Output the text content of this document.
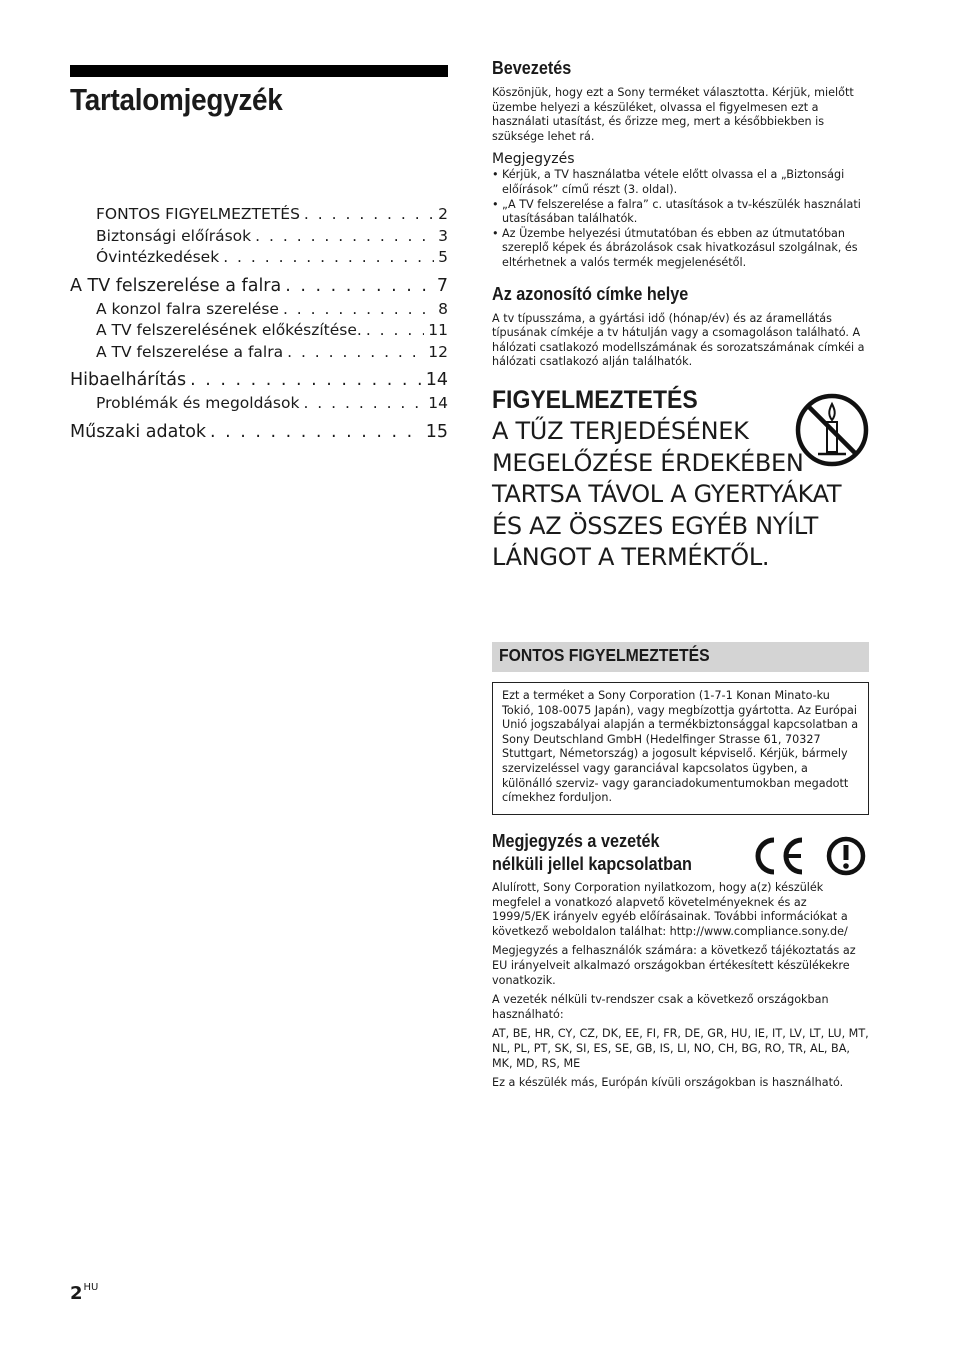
Tartalomjegyzék
FONTOS FIGYELMEZTETÉS . . .	2
Biztonsági előírások . . .	3
Óvintézkedések . . .	5
A TV felszerelése a falra . . .	7
A konzol falra szerelése . . .	8
A TV felszerelésének előkészítése. . . .	11
A TV felszerelése a falra . . .	12
Hibaelhárítás . . .	14
Problémák és megoldások . . .	14
Műszaki adatok . . .	15
Bevezetés

Köszönjük, hogy ezt a Sony terméket választotta. Kérjük, mielőtt üzembe helyezi a készüléket, olvassa el figyelmesen ezt a használati utasítást, és őrizze meg, mert a későbbiekben is szüksége lehet rá.

Megjegyzés

• Kérjük, a TV használatba vétele előtt olvassa el a „Biztonsági előírások” című részt (3. oldal).
• „A TV felszerelése a falra” c. utasítások a tv-készülék használati utasításában találhatók.
• Az Üzembe helyezési útmutatóban és ebben az útmutatóban szereplő képek és ábrázolások csak hivatkozásul szolgálnak, és eltérhetnek a valós termék megjelenésétől.
Az azonosító címke helye

A tv típusszáma, a gyártási idő (hónap/év) és az áramellátás típusának címkéje a tv hátulján vagy a csomagoláson található. A hálózati csatlakozó modellszámának és sorozatszámának címkéi a hálózati csatlakozó alján találhatók.

FIGYELMEZTETÉS

A TŰZ TERJEDÉSÉNEK MEGELŐZÉSE ÉRDEKÉBEN TARTSA TÁVOL A GYERTYÁKAT ÉS AZ ÖSSZES EGYÉB NYÍLT LÁNGOT A TERMÉKTŐL.

FONTOS FIGYELMEZTETÉS

Ezt a terméket a Sony Corporation (1-7-1 Konan Minato-ku Tokió, 108-0075 Japán), vagy megbízottja gyártotta. Az Európai Unió jogszabályai alapján a termékbiztonsággal kapcsolatban a Sony Deutschland GmbH (Hedelfinger Strasse 61, 70327 Stuttgart, Németország) a jogosult képviselő. Kérjük, bármely szervizeléssel vagy garanciával kapcsolatos ügyben, a különálló szerviz- vagy garanciadokumentumokban megadott címekhez forduljon.

Megjegyzés a vezeték
nélküli jellel kapcsolatban

Alulírott, Sony Corporation nyilatkozom, hogy a(z) készülék megfelel a vonatkozó alapvető követelményeknek és az 1999/5/EK irányelv egyéb előírásainak. További információkat a következő weboldalon találhat: http://www.compliance.sony.de/

Megjegyzés a felhasználók számára: a következő tájékoztatás az EU irányelveit alkalmazó országokban értékesített készülékekre vonatkozik.

A vezeték nélküli tv-rendszer csak a következő országokban használható:

AT, BE, HR, CY, CZ, DK, EE, FI, FR, DE, GR, HU, IE, IT, LV, LT, LU, MT, NL, PL, PT, SK, SI, ES, SE, GB, IS, LI, NO, CH, BG, RO, TR, AL, BA, MK, MD, RS, ME

Ez a készülék más, Európán kívüli országokban is használható.

$2^{HU}$
